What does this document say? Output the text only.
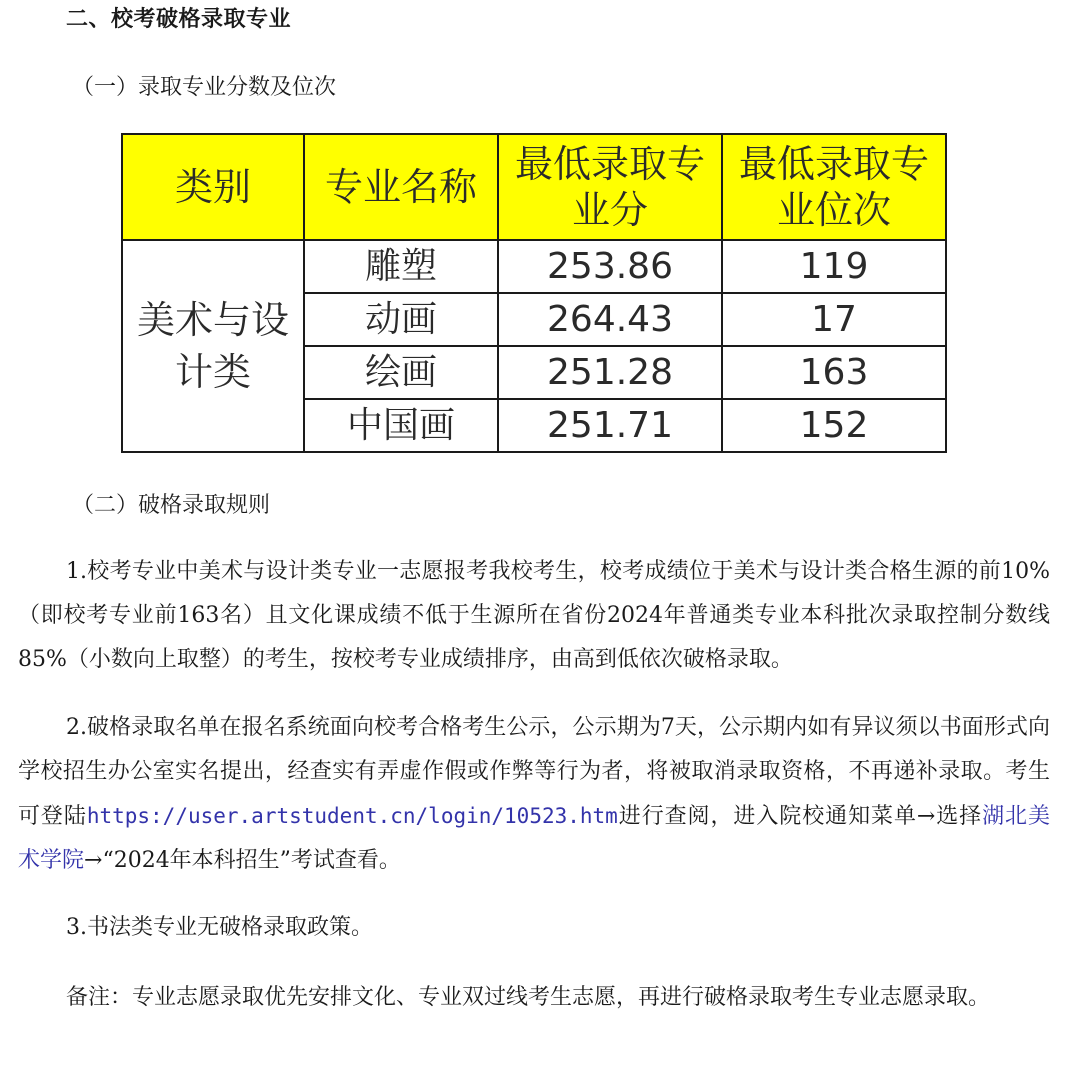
二、校考破格录取专业
（一）录取专业分数及位次
类别	专业名称	最低录取专业分	最低录取专业位次
美术与设计类	雕塑	253.86	119
	动画	264.43	17
	绘画	251.28	163
	中国画	251.71	152
（二）破格录取规则

1.校考专业中美术与设计类专业一志愿报考我校考生，校考成绩位于美术与设计类合格生源的前10%（即校考专业前163名）且文化课成绩不低于生源所在省份2024年普通类专业本科批次录取控制分数线85%（小数向上取整）的考生，按校考专业成绩排序，由高到低依次破格录取。

2.破格录取名单在报名系统面向校考合格考生公示，公示期为7天，公示期内如有异议须以书面形式向学校招生办公室实名提出，经查实有弄虚作假或作弊等行为者，将被取消录取资格，不再递补录取。考生可登陆https://user.artstudent.cn/login/10523.htm进行查阅，进入院校通知菜单→选择湖北美术学院→“2024年本科招生”考试查看。

3.书法类专业无破格录取政策。

备注：专业志愿录取优先安排文化、专业双过线考生志愿，再进行破格录取考生专业志愿录取。
